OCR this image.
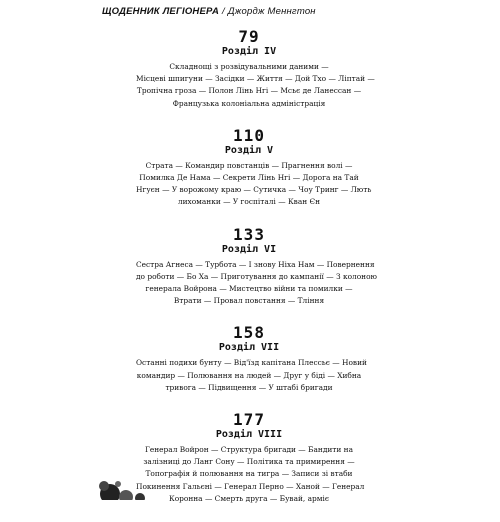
ЩОДЕННИК ЛЕГІОНЕРА / Джордж Меннгтон
79
Розділ IV

Складнощі з розвідувальними даними —

Місцеві шпигуни — Засідки — Життя — Дой Тхо — Ліптай —

Тропічна гроза — Полон Лінь Нгі — Мсьє де Ланессан —

Французька колоніальна адміністрація

110
Розділ V

Страта — Командир повстанців — Прагнення волі —

Помилка Де Нама — Секрети Лінь Нгі — Дорога на Тай

Нгуєн — У ворожому краю — Сутичка — Чоу Тринг — Лють

лихоманки — У госпіталі — Кван Єн

133
Розділ VI

Сестра Агнеса — Турбота — І знову Ніха Нам — Повернення

до роботи — Бо Ха — Приготування до кампанії — З колоною

генерала Войрона — Мистецтво війни та помилки —

Втрати — Провал повстання — Тління

158
Розділ VII

Останні подихи бунту — Від'їзд капітана Плессьє — Новий

командир — Полювання на людей — Друг у біді — Хибна

тривога — Підвищення — У штабі бригади

177
Розділ VIII

Генерал Войрон — Структура бригади — Бандити на

залізниці до Ланг Сону — Політика та примирення —

Топографія й полювання на тигра — Записи зі втаби

Покинення Гальєні — Генерал Перно — Ханой — Генерал

Коронна — Смерть друга — Бувай, арміє
